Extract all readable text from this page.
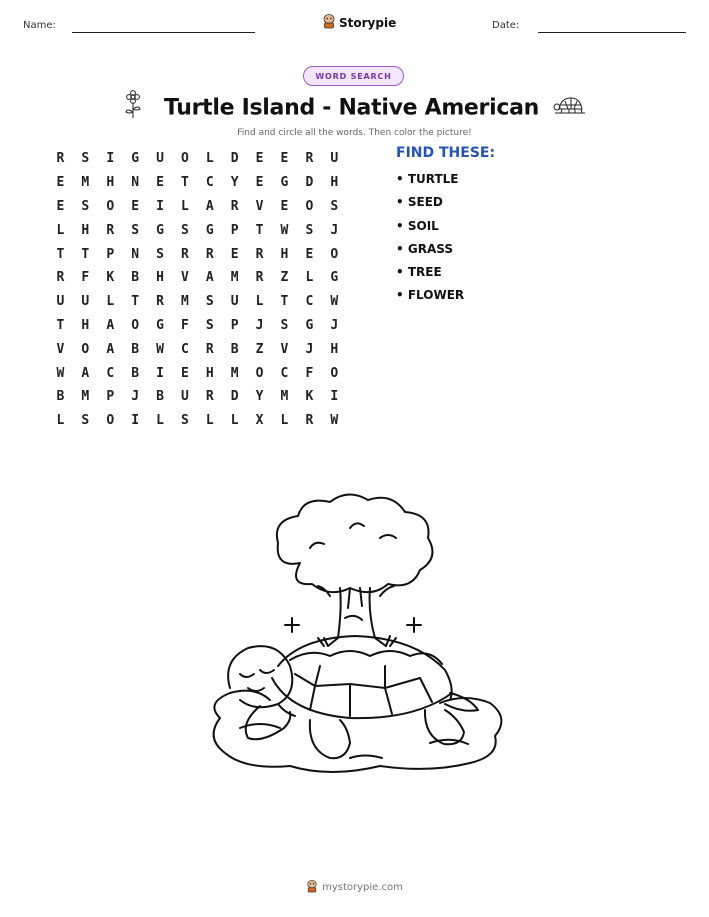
Name:	Storypie	Date:
WORD SEARCH
Turtle Island - Native American
Find and circle all the words. Then color the picture!
R	S	I	G	U	O	L	D	E	E	R	U
E	M	H	N	E	T	C	Y	E	G	D	H
E	S	O	E	I	L	A	R	V	E	O	S
L	H	R	S	G	S	G	P	T	W	S	J
T	T	P	N	S	R	R	E	R	H	E	O
R	F	K	B	H	V	A	M	R	Z	L	G
U	U	L	T	R	M	S	U	L	T	C	W
T	H	A	O	G	F	S	P	J	S	G	J
V	O	A	B	W	C	R	B	Z	V	J	H
W	A	C	B	I	E	H	M	O	C	F	O
B	M	P	J	B	U	R	D	Y	M	K	I
L	S	O	I	L	S	L	L	X	L	R	W
FIND THESE:
• TURTLE
• SEED
• SOIL
• GRASS
• TREE
• FLOWER
mystorypie.com
